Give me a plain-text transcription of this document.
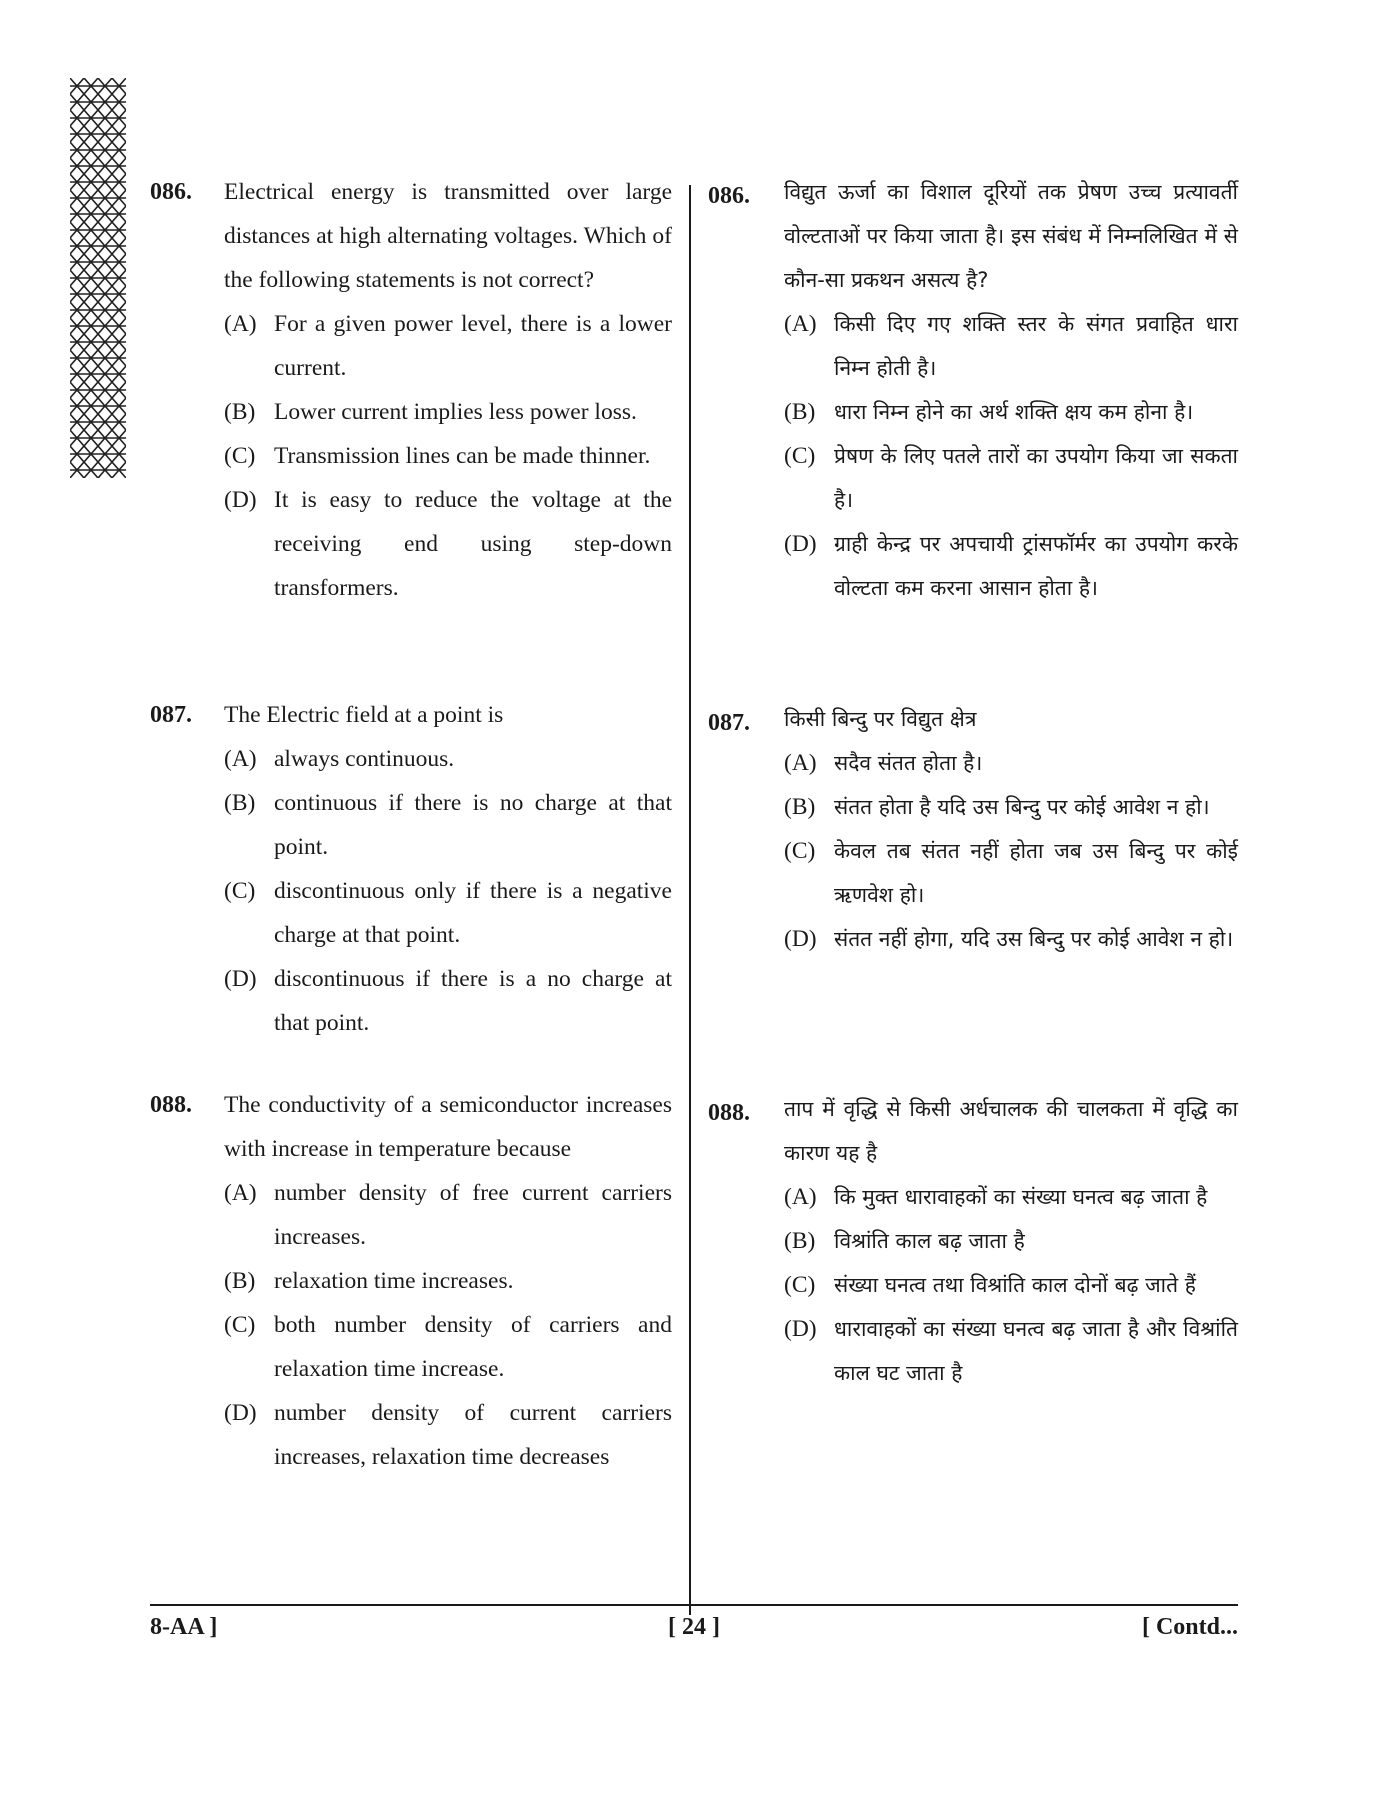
086. Electrical energy is transmitted over large distances at high alternating voltages. Which of the following statements is not correct?
(A) For a given power level, there is a lower current.
(B) Lower current implies less power loss.
(C) Transmission lines can be made thinner.
(D) It is easy to reduce the voltage at the receiving end using step-down transformers.
087. The Electric field at a point is
(A) always continuous.
(B) continuous if there is no charge at that point.
(C) discontinuous only if there is a negative charge at that point.
(D) discontinuous if there is a no charge at that point.
088. The conductivity of a semiconductor increases with increase in temperature because
(A) number density of free current carriers increases.
(B) relaxation time increases.
(C) both number density of carriers and relaxation time increase.
(D) number density of current carriers increases, relaxation time decreases
086. विद्युत ऊर्जा का विशाल दूरियों तक प्रेषण उच्च प्रत्यावर्ती वोल्टताओं पर किया जाता है। इस संबंध में निम्नलिखित में से कौन-सा प्रकथन असत्य है?
(A) किसी दिए गए शक्ति स्तर के संगत प्रवाहित धारा निम्न होती है।
(B) धारा निम्न होने का अर्थ शक्ति क्षय कम होना है।
(C) प्रेषण के लिए पतले तारों का उपयोग किया जा सकता है।
(D) ग्राही केन्द्र पर अपचायी ट्रांसफॉर्मर का उपयोग करके वोल्टता कम करना आसान होता है।
087. किसी बिन्दु पर विद्युत क्षेत्र
(A) सदैव संतत होता है।
(B) संतत होता है यदि उस बिन्दु पर कोई आवेश न हो।
(C) केवल तब संतत नहीं होता जब उस बिन्दु पर कोई ऋणवेश हो।
(D) संतत नहीं होगा, यदि उस बिन्दु पर कोई आवेश न हो।
088. ताप में वृद्धि से किसी अर्धचालक की चालकता में वृद्धि का कारण यह है
(A) कि मुक्त धारावाहकों का संख्या घनत्व बढ़ जाता है
(B) विश्रांति काल बढ़ जाता है
(C) संख्या घनत्व तथा विश्रांति काल दोनों बढ़ जाते हैं
(D) धारावाहकों का संख्या घनत्व बढ़ जाता है और विश्रांति काल घट जाता है
8-AA ]	[ 24 ]	[ Contd...
